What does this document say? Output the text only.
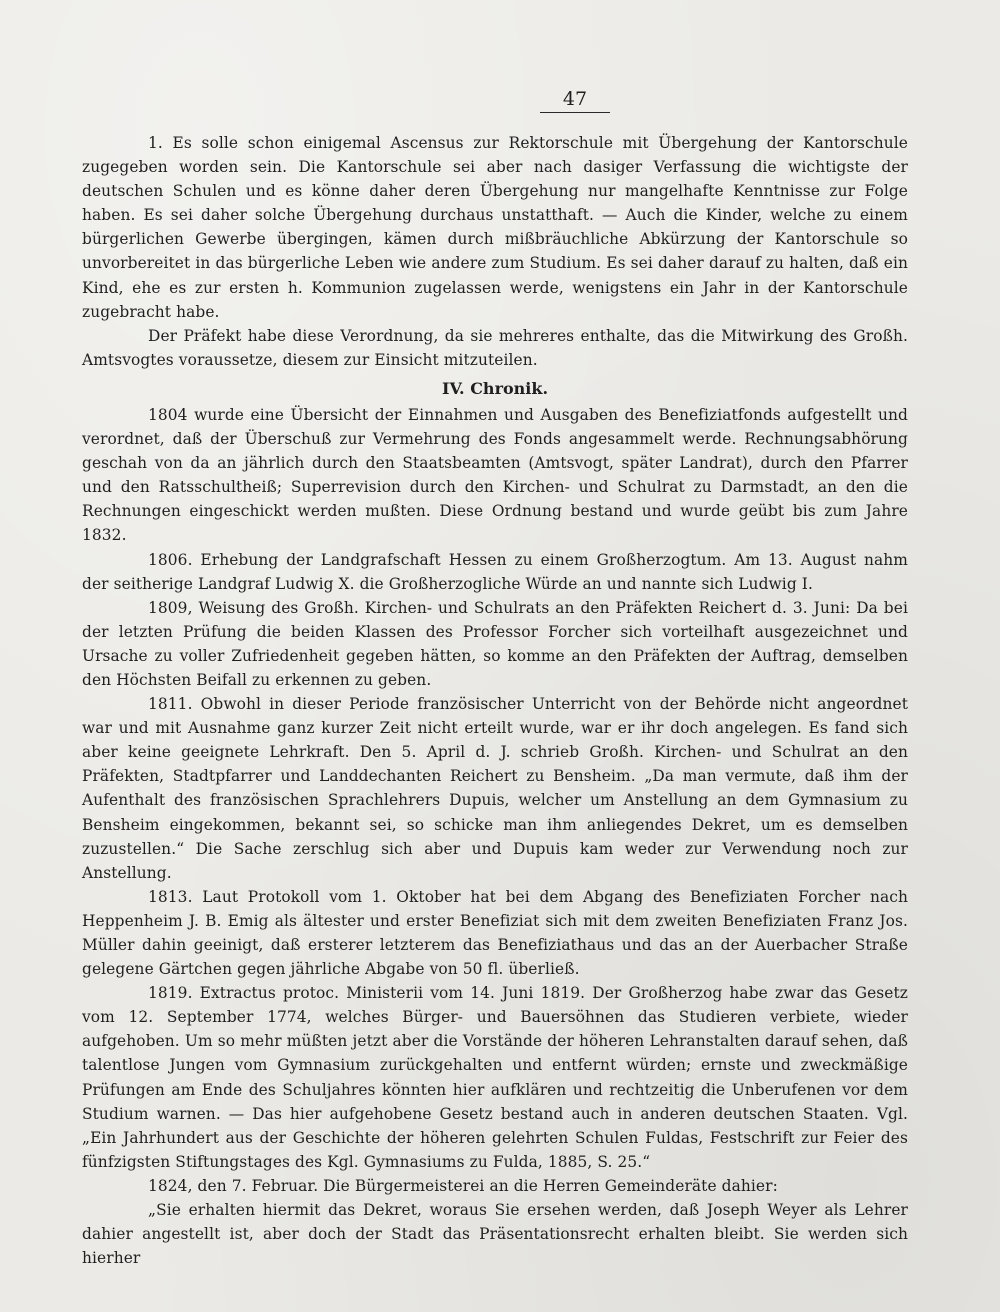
47

1. Es solle schon einigemal Ascensus zur Rektorschule mit Übergehung der Kantorschule zugegeben worden sein. Die Kantorschule sei aber nach dasiger Verfassung die wichtigste der deutschen Schulen und es könne daher deren Übergehung nur mangelhafte Kenntnisse zur Folge haben. Es sei daher solche Übergehung durchaus unstatthaft. — Auch die Kinder, welche zu einem bürgerlichen Gewerbe übergingen, kämen durch mißbräuchliche Abkürzung der Kantorschule so unvorbereitet in das bürgerliche Leben wie andere zum Studium. Es sei daher darauf zu halten, daß ein Kind, ehe es zur ersten h. Kommunion zugelassen werde, wenigstens ein Jahr in der Kantorschule zugebracht habe.

Der Präfekt habe diese Verordnung, da sie mehreres enthalte, das die Mitwirkung des Großh. Amtsvogtes voraussetze, diesem zur Einsicht mitzuteilen.

IV. Chronik.

1804 wurde eine Übersicht der Einnahmen und Ausgaben des Benefiziatfonds aufgestellt und verordnet, daß der Überschuß zur Vermehrung des Fonds angesammelt werde. Rechnungsabhörung geschah von da an jährlich durch den Staatsbeamten (Amtsvogt, später Landrat), durch den Pfarrer und den Ratsschultheiß; Superrevision durch den Kirchen- und Schulrat zu Darmstadt, an den die Rechnungen eingeschickt werden mußten. Diese Ordnung bestand und wurde geübt bis zum Jahre 1832.

1806. Erhebung der Landgrafschaft Hessen zu einem Großherzogtum. Am 13. August nahm der seitherige Landgraf Ludwig X. die Großherzogliche Würde an und nannte sich Ludwig I.

1809, Weisung des Großh. Kirchen- und Schulrats an den Präfekten Reichert d. 3. Juni: Da bei der letzten Prüfung die beiden Klassen des Professor Forcher sich vorteilhaft ausgezeichnet und Ursache zu voller Zufriedenheit gegeben hätten, so komme an den Präfekten der Auftrag, demselben den Höchsten Beifall zu erkennen zu geben.

1811. Obwohl in dieser Periode französischer Unterricht von der Behörde nicht angeordnet war und mit Ausnahme ganz kurzer Zeit nicht erteilt wurde, war er ihr doch angelegen. Es fand sich aber keine geeignete Lehrkraft. Den 5. April d. J. schrieb Großh. Kirchen- und Schulrat an den Präfekten, Stadtpfarrer und Landdechanten Reichert zu Bensheim. „Da man vermute, daß ihm der Aufenthalt des französischen Sprachlehrers Dupuis, welcher um Anstellung an dem Gymnasium zu Bensheim eingekommen, bekannt sei, so schicke man ihm anliegendes Dekret, um es demselben zuzustellen.“ Die Sache zerschlug sich aber und Dupuis kam weder zur Verwendung noch zur Anstellung.

1813. Laut Protokoll vom 1. Oktober hat bei dem Abgang des Benefiziaten Forcher nach Heppenheim J. B. Emig als ältester und erster Benefiziat sich mit dem zweiten Benefiziaten Franz Jos. Müller dahin geeinigt, daß ersterer letzterem das Benefiziathaus und das an der Auerbacher Straße gelegene Gärtchen gegen jährliche Abgabe von 50 fl. überließ.

1819. Extractus protoc. Ministerii vom 14. Juni 1819. Der Großherzog habe zwar das Gesetz vom 12. September 1774, welches Bürger- und Bauersöhnen das Studieren verbiete, wieder aufgehoben. Um so mehr müßten jetzt aber die Vorstände der höheren Lehranstalten darauf sehen, daß talentlose Jungen vom Gymnasium zurückgehalten und entfernt würden; ernste und zweckmäßige Prüfungen am Ende des Schuljahres könnten hier aufklären und rechtzeitig die Unberufenen vor dem Studium warnen. — Das hier aufgehobene Gesetz bestand auch in anderen deutschen Staaten. Vgl. „Ein Jahrhundert aus der Geschichte der höheren gelehrten Schulen Fuldas, Festschrift zur Feier des fünfzigsten Stiftungstages des Kgl. Gymnasiums zu Fulda, 1885, S. 25.“

1824, den 7. Februar. Die Bürgermeisterei an die Herren Gemeinderäte dahier:

„Sie erhalten hiermit das Dekret, woraus Sie ersehen werden, daß Joseph Weyer als Lehrer dahier angestellt ist, aber doch der Stadt das Präsentationsrecht erhalten bleibt. Sie werden sich hierher
